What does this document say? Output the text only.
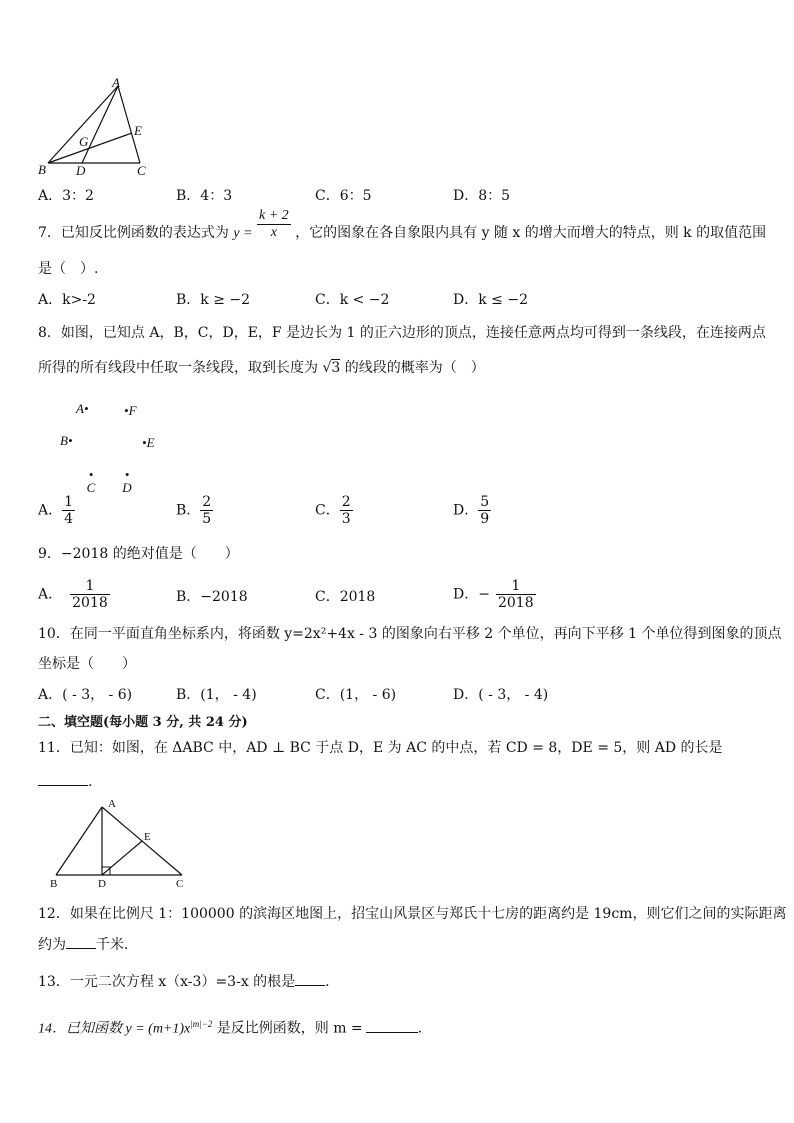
A
B	C
D
E
G
A．3：2	B．4：3	C．6：5	D．8：5
7．已知反比例函数的表达式为 $y = \frac{k + 2}{x}$ ，它的图象在各自象限内具有 y 随 x 的增大而增大的特点，则 k 的取值范围
是（　）.
A．k>-2	B．k ≥ −2	C．k < −2	D．k ≤ −2
8．如图，已知点 A，B，C，D，E，F 是边长为 1 的正六边形的顶点，连接任意两点均可得到一条线段，在连接两点
所得的所有线段中任取一条线段，取到长度为 √3 的线段的概率为（　）
A•	•F
B•	•E
•
C
•
D
A． $\frac{1}{4}$	B． $\frac{2}{5}$	C． $\frac{2}{3}$	D． $\frac{5}{9}$
9．−2018 的绝对值是（　　）
A． $\frac{1}{2018}$	B．−2018	C．2018	D．− $\frac{1}{2018}$
10．在同一平面直角坐标系内，将函数 y=2x²+4x - 3 的图象向右平移 2 个单位，再向下平移 1 个单位得到图象的顶点
坐标是（　　）
A．( - 3， - 6)	B．(1， - 4)	C．(1， - 6)	D．( - 3， - 4)
二、填空题(每小题 3 分, 共 24 分)
11．已知：如图，在 ΔABC 中，AD ⊥ BC 于点 D，E 为 AC 的中点，若 CD = 8，DE = 5，则 AD 的长是
.
A
E
B	D	C
12．如果在比例尺 1：100000 的滨海区地图上，招宝山风景区与郑氏十七房的距离约是 19cm，则它们之间的实际距离
约为 千米．
13．一元二次方程 x（x-3）=3-x 的根是 .
14．已知函数 $y = (m+1)x^{|m|-2}$ 是反比例函数，则 m =	.
